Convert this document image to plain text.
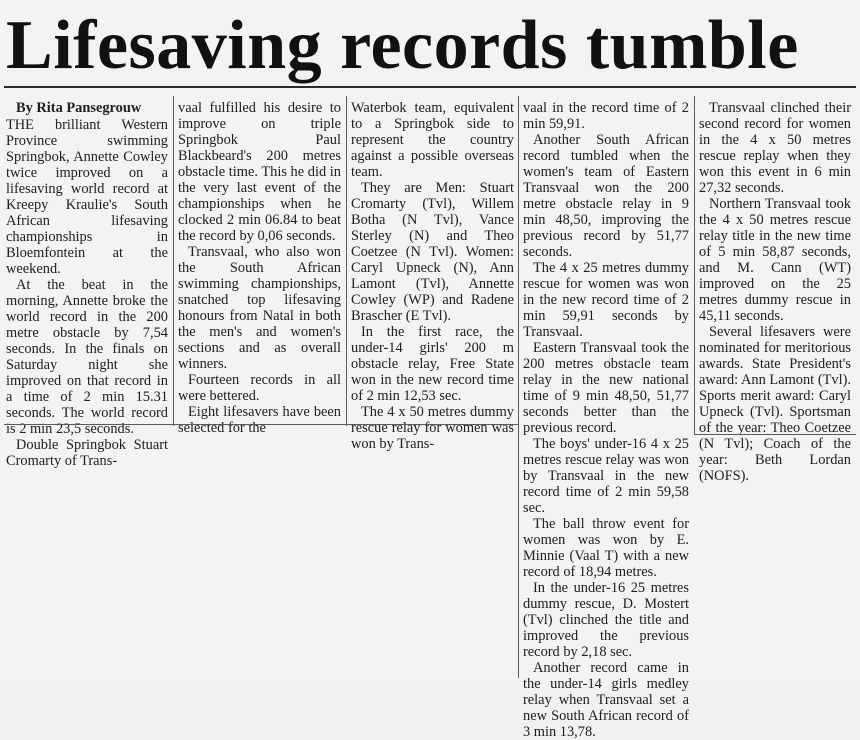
Lifesaving records tumble

By Rita Pansegrouw

THE brilliant Western Province swimming Springbok, Annette Cowley twice improved on a lifesaving world record at Kreepy Kraulie's South African lifesaving championships in Bloemfontein at the weekend.

At the beat in the morning, Annette broke the world record in the 200 metre obstacle by 7,54 seconds. In the finals on Saturday night she improved on that record in a time of 2 min 15.31 seconds. The world record is 2 min 23,5 seconds.

Double Springbok Stuart Cromarty of Trans-

vaal fulfilled his desire to improve on triple Springbok Paul Blackbeard's 200 metres obstacle time. This he did in the very last event of the championships when he clocked 2 min 06.84 to beat the record by 0,06 seconds.

Transvaal, who also won the South African swimming championships, snatched top lifesaving honours from Natal in both the men's and women's sections and as overall winners.

Fourteen records in all were bettered.

Eight lifesavers have been selected for the

Waterbok team, equivalent to a Springbok side to represent the country against a possible overseas team.

They are Men: Stuart Cromarty (Tvl), Willem Botha (N Tvl), Vance Sterley (N) and Theo Coetzee (N Tvl). Women: Caryl Upneck (N), Ann Lamont (Tvl), Annette Cowley (WP) and Radene Brascher (E Tvl).

In the first race, the under-14 girls' 200 m obstacle relay, Free State won in the new record time of 2 min 12,53 sec.

The 4 x 50 metres dummy rescue relay for women was won by Trans-

vaal in the record time of 2 min 59,91.

Another South African record tumbled when the women's team of Eastern Transvaal won the 200 metre obstacle relay in 9 min 48,50, improving the previous record by 51,77 seconds.

The 4 x 25 metres dummy rescue for women was won in the new record time of 2 min 59,91 seconds by Transvaal.

Eastern Transvaal took the 200 metres obstacle team relay in the new national time of 9 min 48,50, 51,77 seconds better than the previous record.

The boys' under-16 4 x 25 metres rescue relay was won by Transvaal in the new record time of 2 min 59,58 sec.

The ball throw event for women was won by E. Minnie (Vaal T) with a new record of 18,94 metres.

In the under-16 25 metres dummy rescue, D. Mostert (Tvl) clinched the title and improved the previous record by 2,18 sec.

Another record came in the under-14 girls medley relay when Transvaal set a new South African record of 3 min 13,78.

Transvaal clinched their second record for women in the 4 x 50 metres rescue replay when they won this event in 6 min 27,32 seconds.

Northern Transvaal took the 4 x 50 metres rescue relay title in the new time of 5 min 58,87 seconds, and M. Cann (WT) improved on the 25 metres dummy rescue in 45,11 seconds.

Several lifesavers were nominated for meritorious awards. State President's award: Ann Lamont (Tvl). Sports merit award: Caryl Upneck (Tvl). Sportsman of the year: Theo Coetzee (N Tvl); Coach of the year: Beth Lordan (NOFS).
